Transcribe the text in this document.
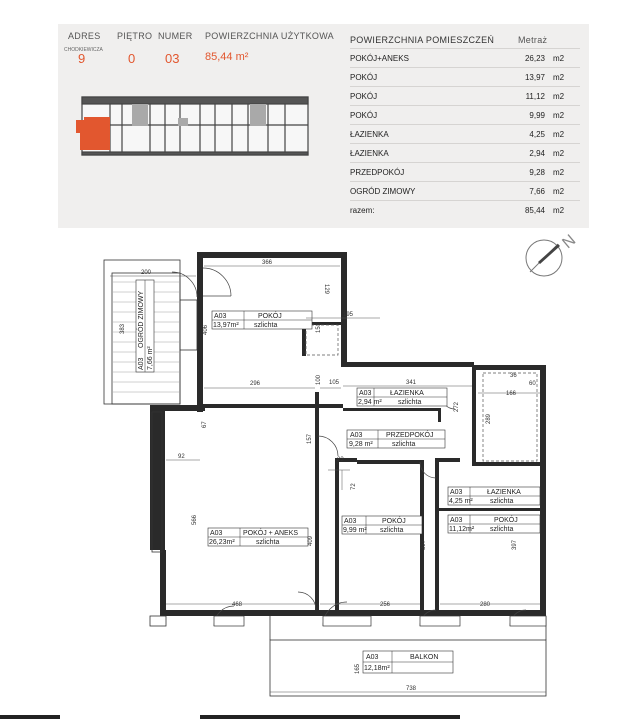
ADRES
CHODKIEWICZA
9
PIĘTRO
0
NUMER
03
POWIERZCHNIA UŻYTKOWA
85,44 m²
POWIERZCHNIA POMIESZCZEŃ	Metraż
POKÓJ+ANEKS	26,23 m2
POKÓJ	13,97 m2
POKÓJ	11,12 m2
POKÓJ	9,99 m2
ŁAZIENKA	4,25 m2
ŁAZIENKA	2,94 m2
PRZEDPOKÓJ	9,28 m2
OGRÓD ZIMOWY	7,66 m2
razem:	85,44 m2
N
A03	POKÓJ
13,97m² szlichta
A03	POKÓJ + ANEKS
26,23m²	szlichta
A03	ŁAZIENKA
2,94 m² szlichta
A03	PRZEDPOKÓJ
9,28 m²	szlichta
A03	POKÓJ
9,99 m² szlichta
A03	ŁAZIENKA
4,25 m² szlichta
A03	POKÓJ
11,12m² szlichta
A03	BALKON
12,18m²
A03
OGRÓD ZIMOWY
7,66 m²
200
366
129
195
151
383	406
296	100 105	341
36
60
166
272
289
67
157
92	23
72
566
409	397	397
468	256	280
165
738
